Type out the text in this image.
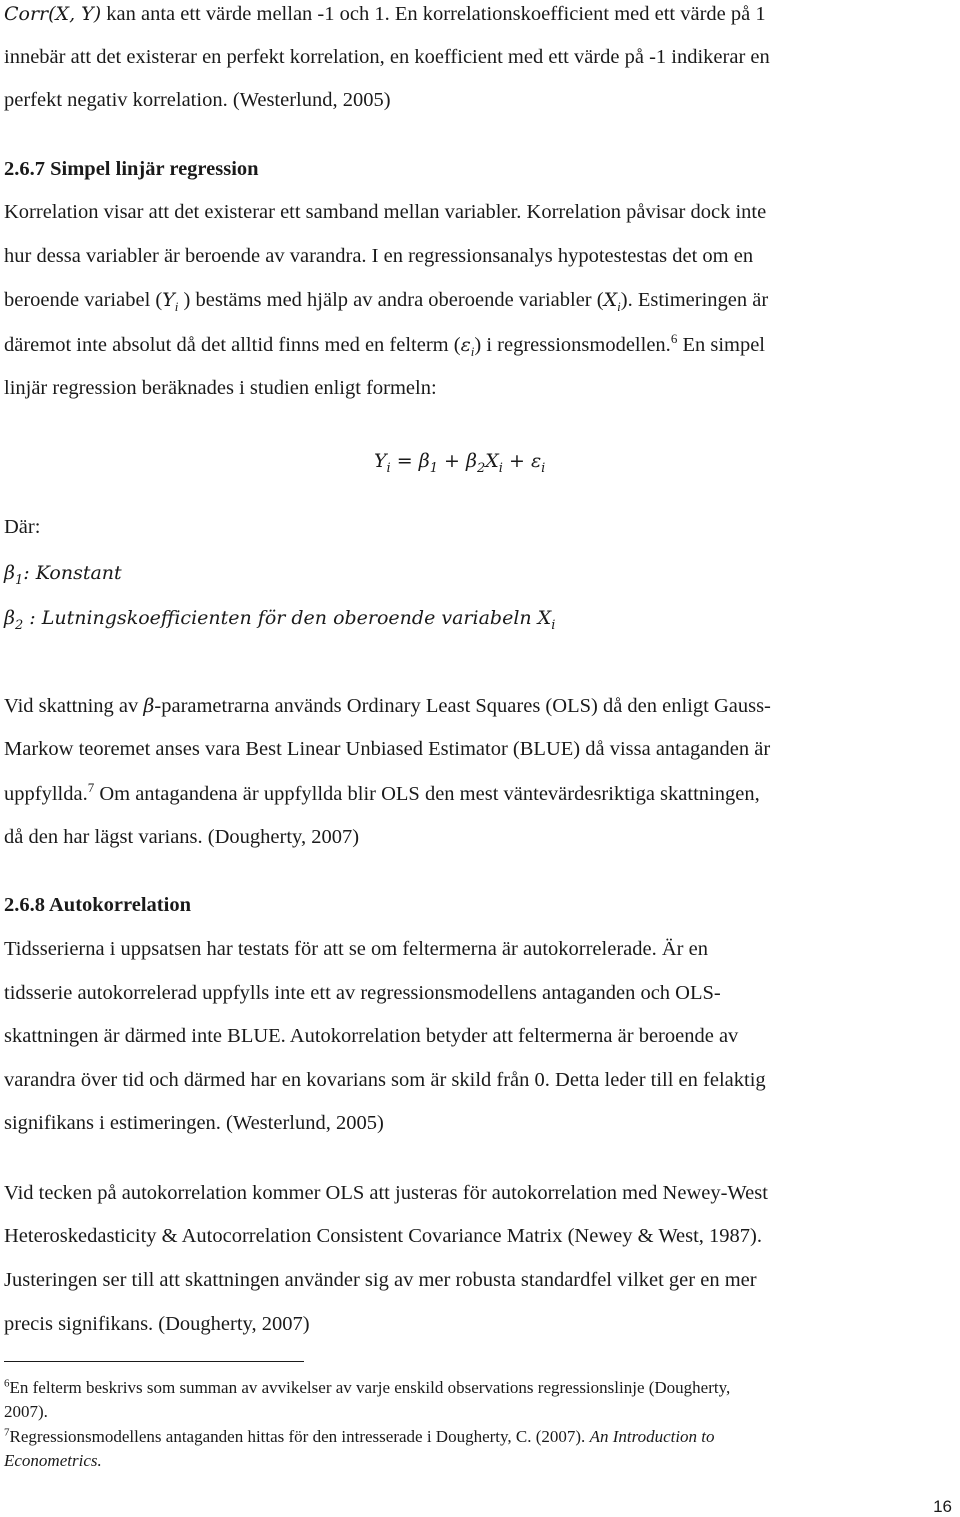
Corr(X, Y) kan anta ett värde mellan -1 och 1. En korrelationskoefficient med ett värde på 1
innebär att det existerar en perfekt korrelation, en koefficient med ett värde på -1 indikerar en
perfekt negativ korrelation. (Westerlund, 2005)
2.6.7 Simpel linjär regression
Korrelation visar att det existerar ett samband mellan variabler. Korrelation påvisar dock inte
hur dessa variabler är beroende av varandra. I en regressionsanalys hypotestestas det om en
beroende variabel ($Y_i$ ) bestäms med hjälp av andra oberoende variabler $(X_i)$. Estimeringen är
däremot inte absolut då det alltid finns med en felterm $(\varepsilon_i)$ i regressionsmodellen.$^6$ En simpel
linjär regression beräknades i studien enligt formeln:
$Y_i = \beta_1 + \beta_2X_i + \varepsilon_i$
Där:
$\beta_1$: Konstant
$\beta_2$ : Lutningskoefficienten för den oberoende variabeln $X_i$
Vid skattning av β-parametrarna används Ordinary Least Squares (OLS) då den enligt Gauss-
Markow teoremet anses vara Best Linear Unbiased Estimator (BLUE) då vissa antaganden är
uppfyllda.$^7$ Om antagandena är uppfyllda blir OLS den mest väntevärdesriktiga skattningen,
då den har lägst varians. (Dougherty, 2007)
2.6.8 Autokorrelation
Tidsserierna i uppsatsen har testats för att se om feltermerna är autokorrelerade. Är en
tidsserie autokorrelerad uppfylls inte ett av regressionsmodellens antaganden och OLS-
skattningen är därmed inte BLUE. Autokorrelation betyder att feltermerna är beroende av
varandra över tid och därmed har en kovarians som är skild från 0. Detta leder till en felaktig
signifikans i estimeringen. (Westerlund, 2005)
Vid tecken på autokorrelation kommer OLS att justeras för autokorrelation med Newey-West
Heteroskedasticity & Autocorrelation Consistent Covariance Matrix (Newey & West, 1987).
Justeringen ser till att skattningen använder sig av mer robusta standardfel vilket ger en mer
precis signifikans. (Dougherty, 2007)
$^6$En felterm beskrivs som summan av avvikelser av varje enskild observations regressionslinje (Dougherty,
2007).
$^7$Regressionsmodellens antaganden hittas för den intresserade i Dougherty, C. (2007). An Introduction to
Econometrics.
16
